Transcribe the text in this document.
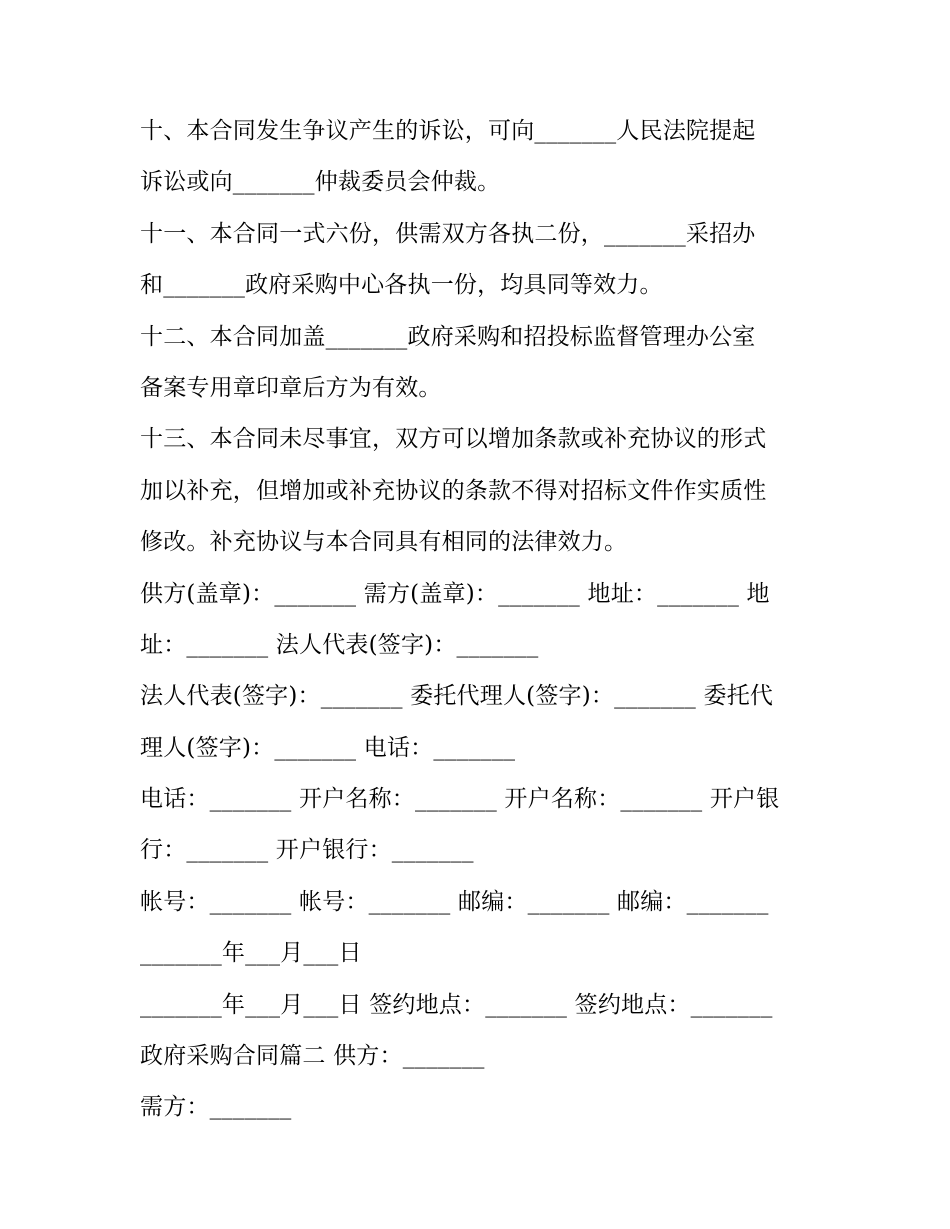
十、本合同发生争议产生的诉讼，可向_______人民法院提起
诉讼或向_______仲裁委员会仲裁。
十一、本合同一式六份，供需双方各执二份，_______采招办
和_______政府采购中心各执一份，均具同等效力。
十二、本合同加盖_______政府采购和招投标监督管理办公室
备案专用章印章后方为有效。
十三、本合同未尽事宜，双方可以增加条款或补充协议的形式
加以补充，但增加或补充协议的条款不得对招标文件作实质性
修改。补充协议与本合同具有相同的法律效力。
供方(盖章)：_______ 需方(盖章)：_______ 地址：_______ 地
址：_______ 法人代表(签字)：_______
法人代表(签字)：_______ 委托代理人(签字)：_______ 委托代
理人(签字)：_______ 电话：_______
电话：_______ 开户名称：_______ 开户名称：_______ 开户银
行：_______ 开户银行：_______
帐号：_______ 帐号：_______ 邮编：_______ 邮编：_______
_______年___月___日
_______年___月___日 签约地点：_______ 签约地点：_______
政府采购合同篇二 供方：_______
需方：_______
